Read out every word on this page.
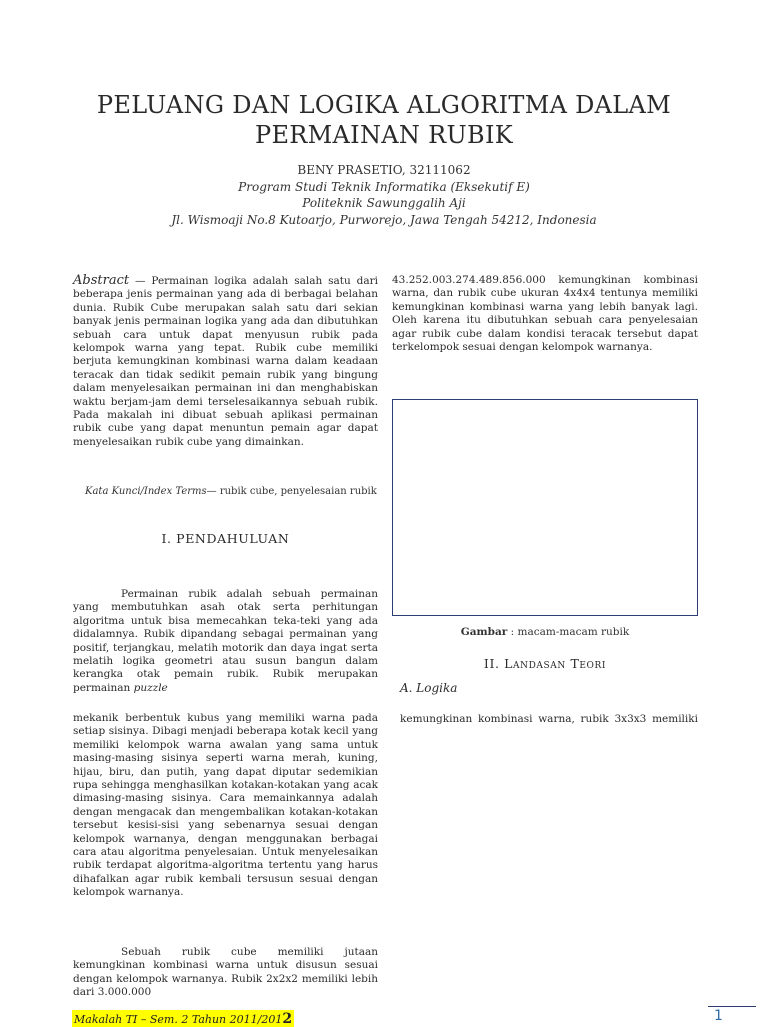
PELUANG DAN LOGIKA ALGORITMA DALAM
PERMAINAN RUBIK
BENY PRASETIO, 32111062
Program Studi Teknik Informatika (Eksekutif E)
Politeknik Sawunggalih Aji
Jl. Wismoaji No.8 Kutoarjo, Purworejo, Jawa Tengah 54212, Indonesia
Abstract — Permainan logika adalah salah satu dari beberapa jenis permainan yang ada di berbagai belahan dunia. Rubik Cube merupakan salah satu dari sekian banyak jenis permainan logika yang ada dan dibutuhkan sebuah cara untuk dapat menyusun rubik pada kelompok warna yang tepat. Rubik cube memiliki berjuta kemungkinan kombinasi warna dalam keadaan teracak dan tidak sedikit pemain rubik yang bingung dalam menyelesaikan permainan ini dan menghabiskan waktu berjam-jam demi terselesaikannya sebuah rubik. Pada makalah ini dibuat sebuah aplikasi permainan rubik cube yang dapat menuntun pemain agar dapat menyelesaikan rubik cube yang dimainkan.
Kata Kunci/Index Terms— rubik cube, penyelesaian rubik
I. PENDAHULUAN
Permainan rubik adalah sebuah permainan yang membutuhkan asah otak serta perhitungan algoritma untuk bisa memecahkan teka-teki yang ada didalamnya. Rubik dipandang sebagai permainan yang positif, terjangkau, melatih motorik dan daya ingat serta melatih logika geometri atau susun bangun dalam kerangka otak pemain rubik. Rubik merupakan permainan puzzle
mekanik berbentuk kubus yang memiliki warna pada setiap sisinya. Dibagi menjadi beberapa kotak kecil yang memiliki kelompok warna awalan yang sama untuk masing-masing sisinya seperti warna merah, kuning, hijau, biru, dan putih, yang dapat diputar sedemikian rupa sehingga menghasilkan kotakan-kotakan yang acak dimasing-masing sisinya. Cara memainkannya adalah dengan mengacak dan mengembalikan kotakan-kotakan tersebut kesisi-sisi yang sebenarnya sesuai dengan kelompok warnanya, dengan menggunakan berbagai cara atau algoritma penyelesaian. Untuk menyelesaikan rubik terdapat algoritma-algoritma tertentu yang harus dihafalkan agar rubik kembali tersusun sesuai dengan kelompok warnanya.
Sebuah rubik cube memiliki jutaan kemungkinan kombinasi warna untuk disusun sesuai dengan kelompok warnanya. Rubik 2x2x2 memiliki lebih dari 3.000.000
43.252.003.274.489.856.000 kemungkinan kombinasi warna, dan rubik cube ukuran 4x4x4 tentunya memiliki kemungkinan kombinasi warna yang lebih banyak lagi. Oleh karena itu dibutuhkan sebuah cara penyelesaian agar rubik cube dalam kondisi teracak tersebut dapat terkelompok sesuai dengan kelompok warnanya.
Gambar : macam-macam rubik
II. Landasan Teori
A. Logika
kemungkinan kombinasi warna, rubik 3x3x3 memiliki
Makalah TI – Sem. 2 Tahun 2011/2012	1
